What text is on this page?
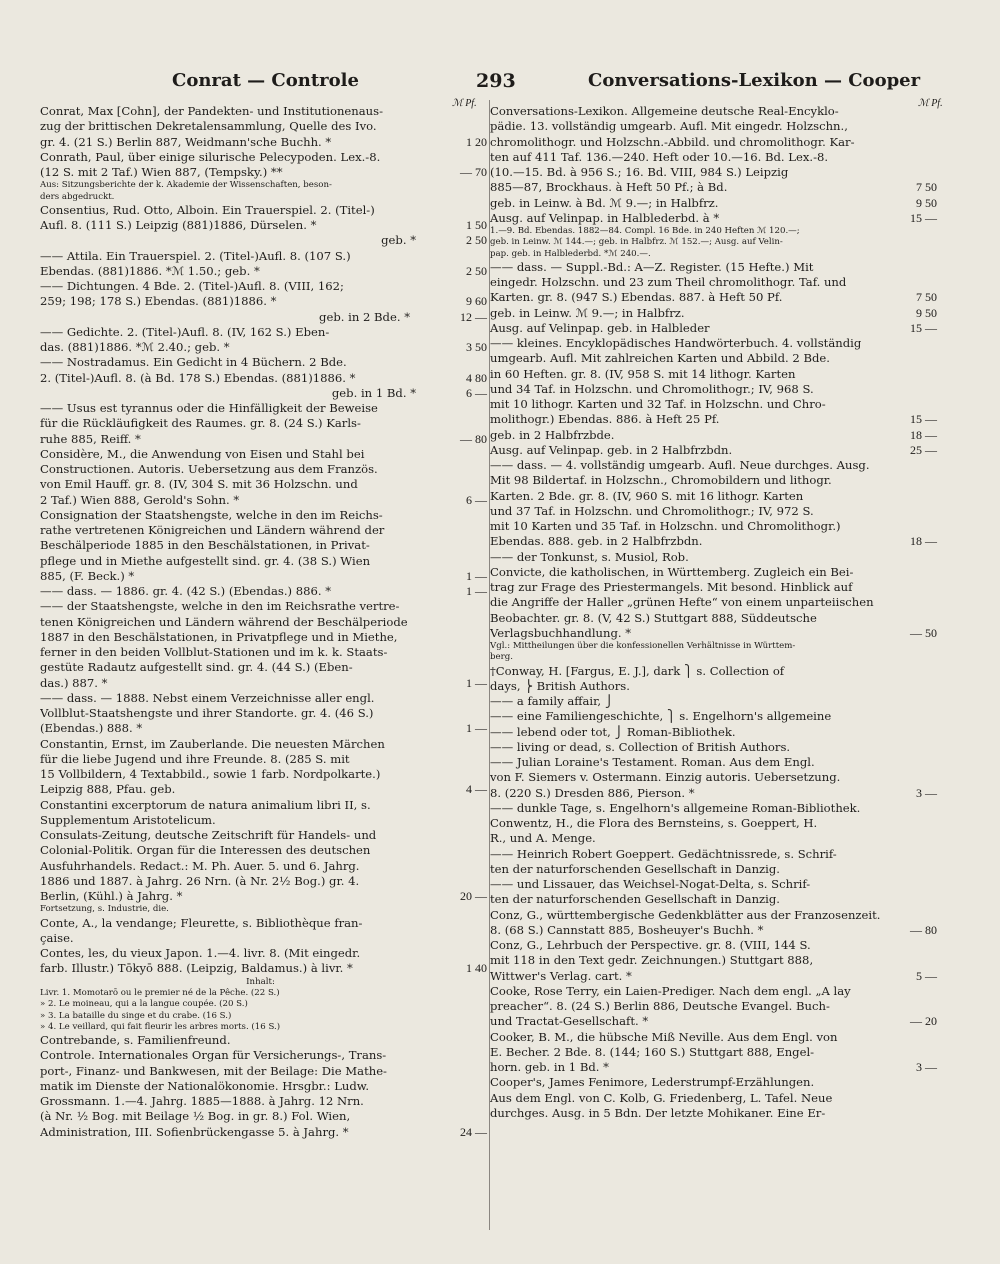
Conrat — Controle	293	Conversations-Lexikon — Cooper
ℳ Pf.	ℳ Pf.
Conrat, Max [Cohn], der Pandekten- und Institutionenaus-
zug der brittischen Dekretalensammlung, Quelle des Ivo.
gr. 4. (21 S.) Berlin 887, Weidmann'sche Buchh. *	1 20
Conrath, Paul, über einige silurische Pelecypoden. Lex.-8.
(12 S. mit 2 Taf.) Wien 887, (Tempsky.) **	— 70
Aus: Sitzungsberichte der k. Akademie der Wissenschaften, beson-
ders abgedruckt.
Consentius, Rud. Otto, Alboin. Ein Trauerspiel. 2. (Titel-)
Aufl. 8. (111 S.) Leipzig (881)1886, Dürselen. *	1 50
geb. *	2 50
—— Attila. Ein Trauerspiel. 2. (Titel-)Aufl. 8. (107 S.)
Ebendas. (881)1886. *ℳ 1.50.; geb. *	2 50
—— Dichtungen. 4 Bde. 2. (Titel-)Aufl. 8. (VIII, 162;
259; 198; 178 S.) Ebendas. (881)1886. *	9 60
geb. in 2 Bde. *	12 —
—— Gedichte. 2. (Titel-)Aufl. 8. (IV, 162 S.) Eben-
das. (881)1886. *ℳ 2.40.; geb. *	3 50
—— Nostradamus. Ein Gedicht in 4 Büchern. 2 Bde.
2. (Titel-)Aufl. 8. (à Bd. 178 S.) Ebendas. (881)1886. *	4 80
geb. in 1 Bd. *	6 —
—— Usus est tyrannus oder die Hinfälligkeit der Beweise
für die Rückläufigkeit des Raumes. gr. 8. (24 S.) Karls-
ruhe 885, Reiff. *	— 80
Considère, M., die Anwendung von Eisen und Stahl bei
Constructionen. Autoris. Uebersetzung aus dem Französ.
von Emil Hauff. gr. 8. (IV, 304 S. mit 36 Holzschn. und
2 Taf.) Wien 888, Gerold's Sohn. *	6 —
Consignation der Staatshengste, welche in den im Reichs-
rathe vertretenen Königreichen und Ländern während der
Beschälperiode 1885 in den Beschälstationen, in Privat-
pflege und in Miethe aufgestellt sind. gr. 4. (38 S.) Wien
885, (F. Beck.) *	1 —
—— dass. — 1886. gr. 4. (42 S.) (Ebendas.) 886. *	1 —
—— der Staatshengste, welche in den im Reichsrathe vertre-
tenen Königreichen und Ländern während der Beschälperiode
1887 in den Beschälstationen, in Privatpflege und in Miethe,
ferner in den beiden Vollblut-Stationen und im k. k. Staats-
gestüte Radautz aufgestellt sind. gr. 4. (44 S.) (Eben-
das.) 887. *	1 —
—— dass. — 1888. Nebst einem Verzeichnisse aller engl.
Vollblut-Staatshengste und ihrer Standorte. gr. 4. (46 S.)
(Ebendas.) 888. *	1 —
Constantin, Ernst, im Zauberlande. Die neuesten Märchen
für die liebe Jugend und ihre Freunde. 8. (285 S. mit
15 Vollbildern, 4 Textabbild., sowie 1 farb. Nordpolkarte.)
Leipzig 888, Pfau. geb.	4 —
Constantini excerptorum de natura animalium libri II, s.
Supplementum Aristotelicum.
Consulats-Zeitung, deutsche Zeitschrift für Handels- und
Colonial-Politik. Organ für die Interessen des deutschen
Ausfuhrhandels. Redact.: M. Ph. Auer. 5. und 6. Jahrg.
1886 und 1887. à Jahrg. 26 Nrn. (à Nr. 2½ Bog.) gr. 4.
Berlin, (Kühl.) à Jahrg. *	20 —
Fortsetzung, s. Industrie, die.
Conte, A., la vendange; Fleurette, s. Bibliothèque fran-
çaise.
Contes, les, du vieux Japon. 1.—4. livr. 8. (Mit eingedr.
farb. Illustr.) Tōkyō 888. (Leipzig, Baldamus.) à livr. *	1 40
Inhalt:
Livr. 1. Momotarō ou le premier né de la Pêche. (22 S.)
» 2. Le moineau, qui a la langue coupée. (20 S.)
» 3. La bataille du singe et du crabe. (16 S.)
» 4. Le veillard, qui fait fleurir les arbres morts. (16 S.)
Contrebande, s. Familienfreund.
Controle. Internationales Organ für Versicherungs-, Trans-
port-, Finanz- und Bankwesen, mit der Beilage: Die Mathe-
matik im Dienste der Nationalökonomie. Hrsgbr.: Ludw.
Grossmann. 1.—4. Jahrg. 1885—1888. à Jahrg. 12 Nrn.
(à Nr. ½ Bog. mit Beilage ½ Bog. in gr. 8.) Fol. Wien,
Administration, III. Sofienbrückengasse 5. à Jahrg. *	24 —
Conversations-Lexikon. Allgemeine deutsche Real-Encyklo-
pädie. 13. vollständig umgearb. Aufl. Mit eingedr. Holzschn.,
chromolithogr. und Holzschn.-Abbild. und chromolithogr. Kar-
ten auf 411 Taf. 136.—240. Heft oder 10.—16. Bd. Lex.-8.
(10.—15. Bd. à 956 S.; 16. Bd. VIII, 984 S.) Leipzig
885—87, Brockhaus. à Heft 50 Pf.; à Bd.	7 50
geb. in Leinw. à Bd. ℳ 9.—; in Halbfrz.	9 50
Ausg. auf Velinpap. in Halblederbd. à *	15 —
1.—9. Bd. Ebendas. 1882—84. Compl. 16 Bde. in 240 Heften ℳ 120.—;
geb. in Leinw. ℳ 144.—; geb. in Halbfrz. ℳ 152.—; Ausg. auf Velin-
pap. geb. in Halblederbd. *ℳ 240.—.
—— dass. — Suppl.-Bd.: A—Z. Register. (15 Hefte.) Mit
eingedr. Holzschn. und 23 zum Theil chromolithogr. Taf. und
Karten. gr. 8. (947 S.) Ebendas. 887. à Heft 50 Pf.	7 50
geb. in Leinw. ℳ 9.—; in Halbfrz.	9 50
Ausg. auf Velinpap. geb. in Halbleder	15 —
—— kleines. Encyklopädisches Handwörterbuch. 4. vollständig
umgearb. Aufl. Mit zahlreichen Karten und Abbild. 2 Bde.
in 60 Heften. gr. 8. (IV, 958 S. mit 14 lithogr. Karten
und 34 Taf. in Holzschn. und Chromolithogr.; IV, 968 S.
mit 10 lithogr. Karten und 32 Taf. in Holzschn. und Chro-
molithogr.) Ebendas. 886. à Heft 25 Pf.	15 —
geb. in 2 Halbfrzbde.	18 —
Ausg. auf Velinpap. geb. in 2 Halbfrzbdn.	25 —
—— dass. — 4. vollständig umgearb. Aufl. Neue durchges. Ausg.
Mit 98 Bildertaf. in Holzschn., Chromobildern und lithogr.
Karten. 2 Bde. gr. 8. (IV, 960 S. mit 16 lithogr. Karten
und 37 Taf. in Holzschn. und Chromolithogr.; IV, 972 S.
mit 10 Karten und 35 Taf. in Holzschn. und Chromolithogr.)
Ebendas. 888. geb. in 2 Halbfrzbdn.	18 —
—— der Tonkunst, s. Musiol, Rob.
Convicte, die katholischen, in Württemberg. Zugleich ein Bei-
trag zur Frage des Priestermangels. Mit besond. Hinblick auf
die Angriffe der Haller „grünen Hefte“ von einem unparteiischen
Beobachter. gr. 8. (V, 42 S.) Stuttgart 888, Süddeutsche
Verlagsbuchhandlung. *	— 50
Vgl.: Mittheilungen über die konfessionellen Verhältnisse in Württem-
berg.
†Conway, H. [Fargus, E. J.], dark ⎫ s. Collection of
days, ⎬ British Authors.
—— a family affair, ⎭
—— eine Familiengeschichte, ⎫ s. Engelhorn's allgemeine
—— lebend oder tot, ⎭ Roman-Bibliothek.
—— living or dead, s. Collection of British Authors.
—— Julian Loraine's Testament. Roman. Aus dem Engl.
von F. Siemers v. Ostermann. Einzig autoris. Uebersetzung.
8. (220 S.) Dresden 886, Pierson. *	3 —
—— dunkle Tage, s. Engelhorn's allgemeine Roman-Bibliothek.
Conwentz, H., die Flora des Bernsteins, s. Goeppert, H.
R., und A. Menge.
—— Heinrich Robert Goeppert. Gedächtnissrede, s. Schrif-
ten der naturforschenden Gesellschaft in Danzig.
—— und Lissauer, das Weichsel-Nogat-Delta, s. Schrif-
ten der naturforschenden Gesellschaft in Danzig.
Conz, G., württembergische Gedenkblätter aus der Franzosenzeit.
8. (68 S.) Cannstatt 885, Bosheuyer's Buchh. *	— 80
Conz, G., Lehrbuch der Perspective. gr. 8. (VIII, 144 S.
mit 118 in den Text gedr. Zeichnungen.) Stuttgart 888,
Wittwer's Verlag. cart. *	5 —
Cooke, Rose Terry, ein Laien-Prediger. Nach dem engl. „A lay
preacher“. 8. (24 S.) Berlin 886, Deutsche Evangel. Buch-
und Tractat-Gesellschaft. *	— 20
Cooker, B. M., die hübsche Miß Neville. Aus dem Engl. von
E. Becher. 2 Bde. 8. (144; 160 S.) Stuttgart 888, Engel-
horn. geb. in 1 Bd. *	3 —
Cooper's, James Fenimore, Lederstrumpf-Erzählungen.
Aus dem Engl. von C. Kolb, G. Friedenberg, L. Tafel. Neue
durchges. Ausg. in 5 Bdn. Der letzte Mohikaner. Eine Er-
